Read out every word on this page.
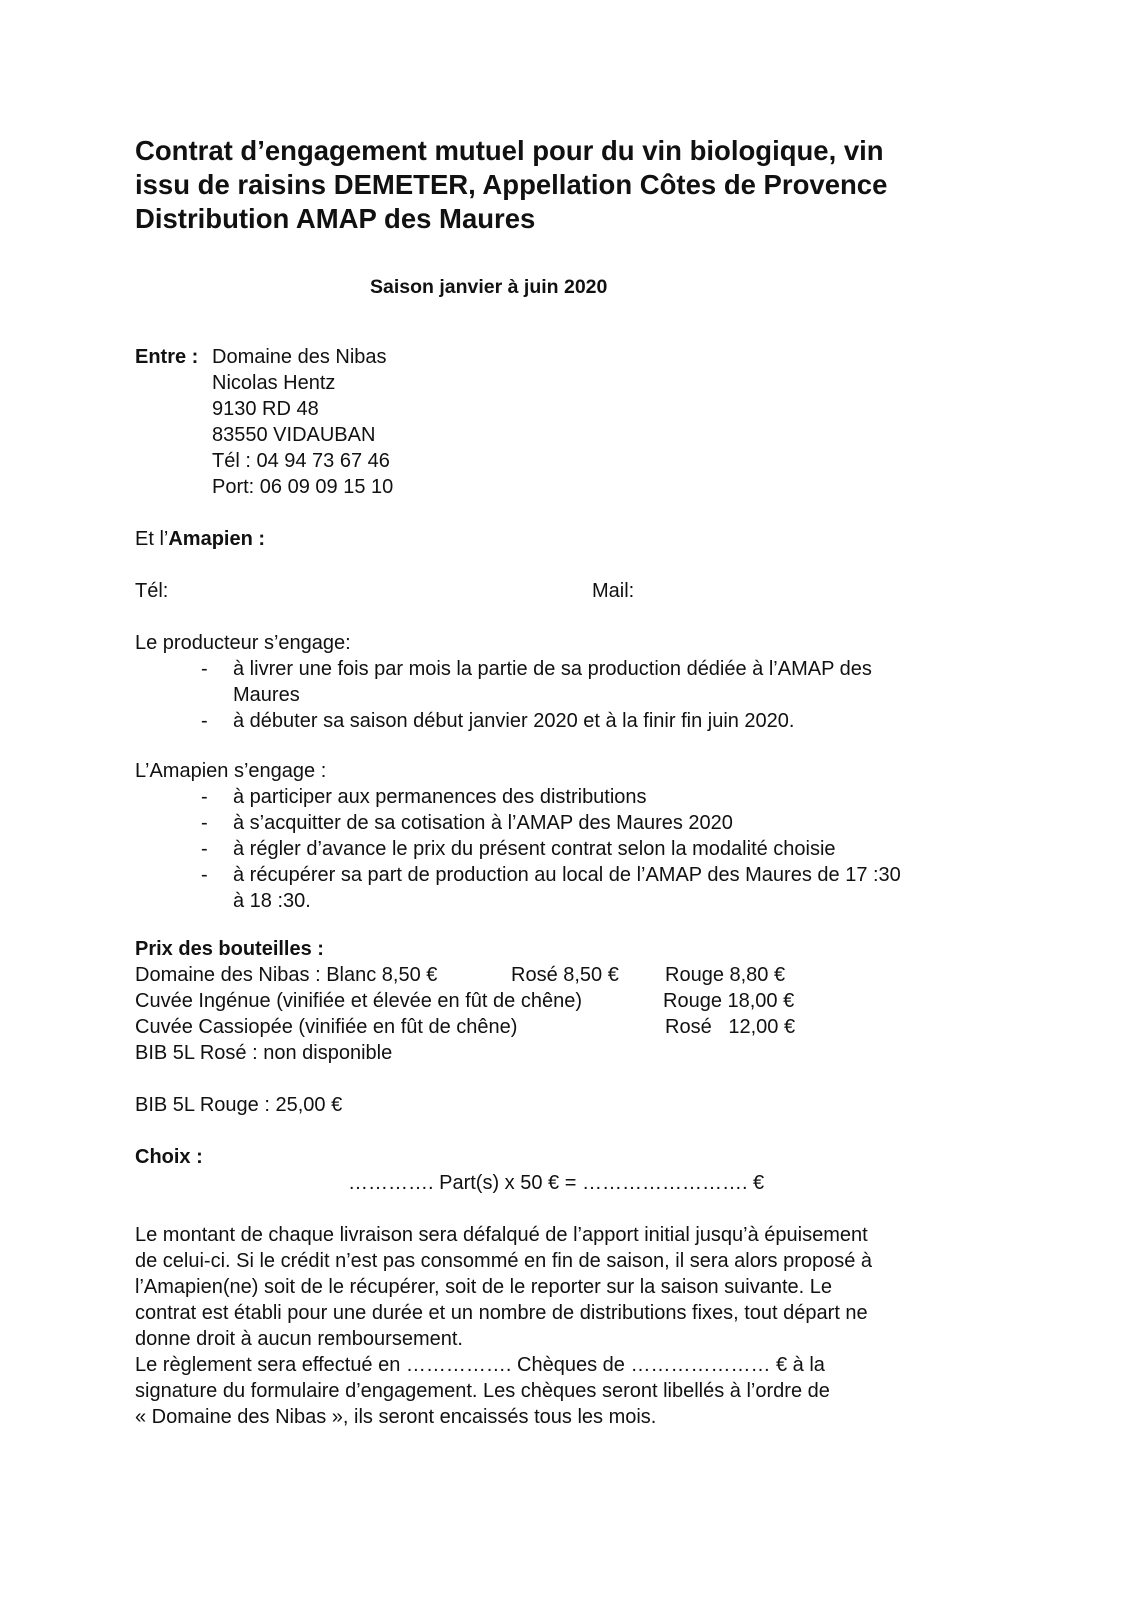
Contrat d’engagement mutuel pour du vin biologique, vin
issu de raisins DEMETER, Appellation Côtes de Provence
Distribution AMAP des Maures
Saison janvier à juin 2020
Entre : Domaine des Nibas
Nicolas Hentz
9130 RD 48
83550 VIDAUBAN
Tél : 04 94 73 67 46
Port: 06 09 09 15 10
Et l’Amapien :
Tél:	Mail:
Le producteur s’engage:
- à livrer une fois par mois la partie de sa production dédiée à l’AMAP des
Maures
- à débuter sa saison début janvier 2020 et à la finir fin juin 2020.
L’Amapien s’engage :
- à participer aux permanences des distributions
- à s’acquitter de sa cotisation à l’AMAP des Maures 2020
- à régler d’avance le prix du présent contrat selon la modalité choisie
- à récupérer sa part de production au local de l’AMAP des Maures de 17 :30
à 18 :30.
Prix des bouteilles :
Domaine des Nibas : Blanc 8,50 €	Rosé 8,50 € Rouge 8,80 €
Cuvée Ingénue (vinifiée et élevée en fût de chêne)	Rouge 18,00 €
Cuvée Cassiopée (vinifiée en fût de chêne)	Rosé   12,00 €
BIB 5L Rosé : non disponible
BIB 5L Rouge : 25,00 €
Choix :
…………. Part(s) x 50 € = ……………………. €
Le montant de chaque livraison sera défalqué de l’apport initial jusqu’à épuisement
de celui-ci. Si le crédit n’est pas consommé en fin de saison, il sera alors proposé à
l’Amapien(ne) soit de le récupérer, soit de le reporter sur la saison suivante. Le
contrat est établi pour une durée et un nombre de distributions fixes, tout départ ne
donne droit à aucun remboursement.
Le règlement sera effectué en ……………. Chèques de ………………… € à la
signature du formulaire d’engagement. Les chèques seront libellés à l’ordre de
« Domaine des Nibas », ils seront encaissés tous les mois.
